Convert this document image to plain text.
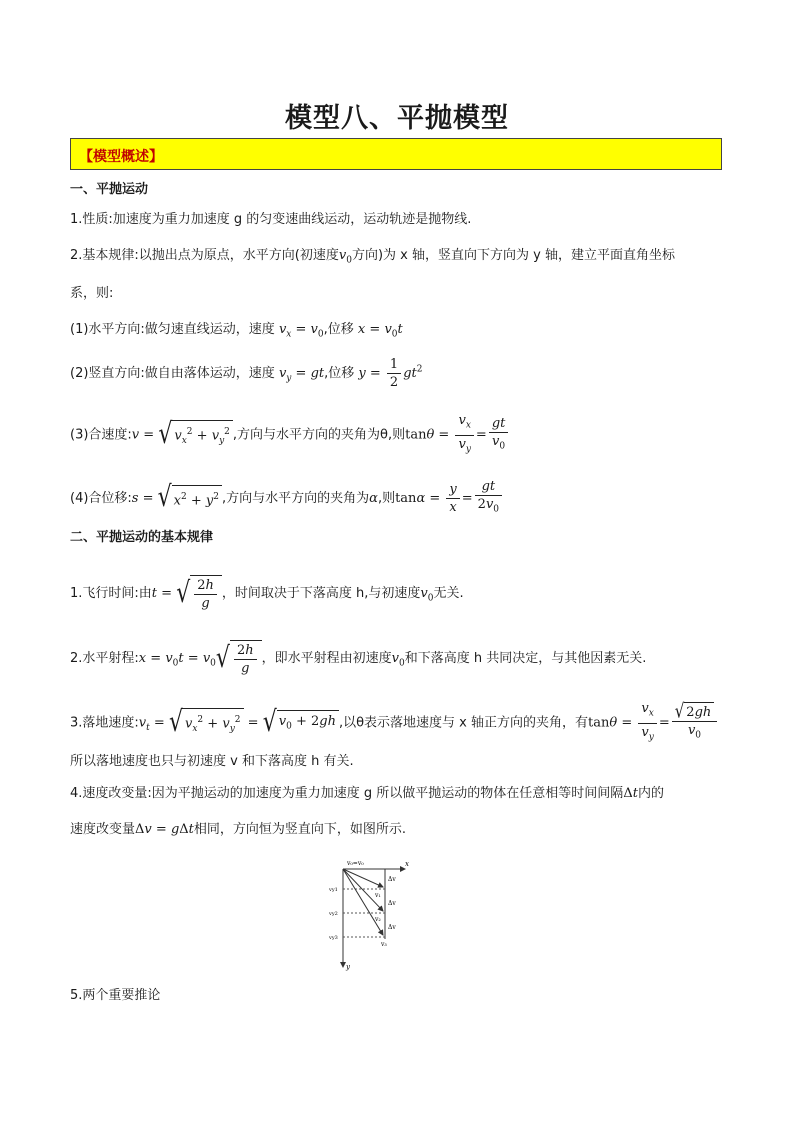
模型八、平抛模型
【模型概述】
一、平抛运动
1.性质:加速度为重力加速度 g 的匀变速曲线运动，运动轨迹是抛物线.
2.基本规律:以抛出点为原点，水平方向(初速度$v_0$方向)为 x 轴，竖直向下方向为 y 轴，建立平面直角坐标
系，则:
(1)水平方向:做匀速直线运动，速度 $v_x = v_0$,位移 $x = v_0t$
(2)竖直方向:做自由落体运动，速度 $v_y$ = gt,位移 $y = \frac{1}{2} gt^2$
(3)合速度:v = √ $v_x^2 + v_y^2$ ,方向与水平方向的夹角为θ,则$\tan\theta = \frac{v_x}{v_y} = \frac{gt}{v_0}$
(4)合位移:s = √ $x^2 + y^2$ ,方向与水平方向的夹角为α,则$\tan\alpha = \frac{y}{x} = \frac{gt}{2v_0}$
二、平抛运动的基本规律
1.飞行时间:由t = √ $\frac{2h}{g}$ ，时间取决于下落高度 h,与初速度$v_0$无关.
2.水平射程:x = $v_0t = v_0√ \frac{2h}{g}$ ，即水平射程由初速度$v_0$和下落高度 h 共同决定，与其他因素无关.
3.落地速度$:v_t$ = √ $v_x^2 + v_y^2$ = √ $v_0 + 2gh$ ,以θ表示落地速度与 x 轴正方向的夹角，有$\tan\theta = \frac{v_x}{v_y} = \frac{√ 2gh}{v_0}$
所以落地速度也只与初速度 v 和下落高度 h 有关.
4.速度改变量:因为平抛运动的加速度为重力加速度 g 所以做平抛运动的物体在任意相等时间间隔Δt内的
速度改变量Δv = gΔt相同，方向恒为竖直向下，如图所示.
v₀=v₀	x
y
Δv
Δv
Δv
v₁
v₂
v₃
vy1
vy2
vy3
5.两个重要推论
